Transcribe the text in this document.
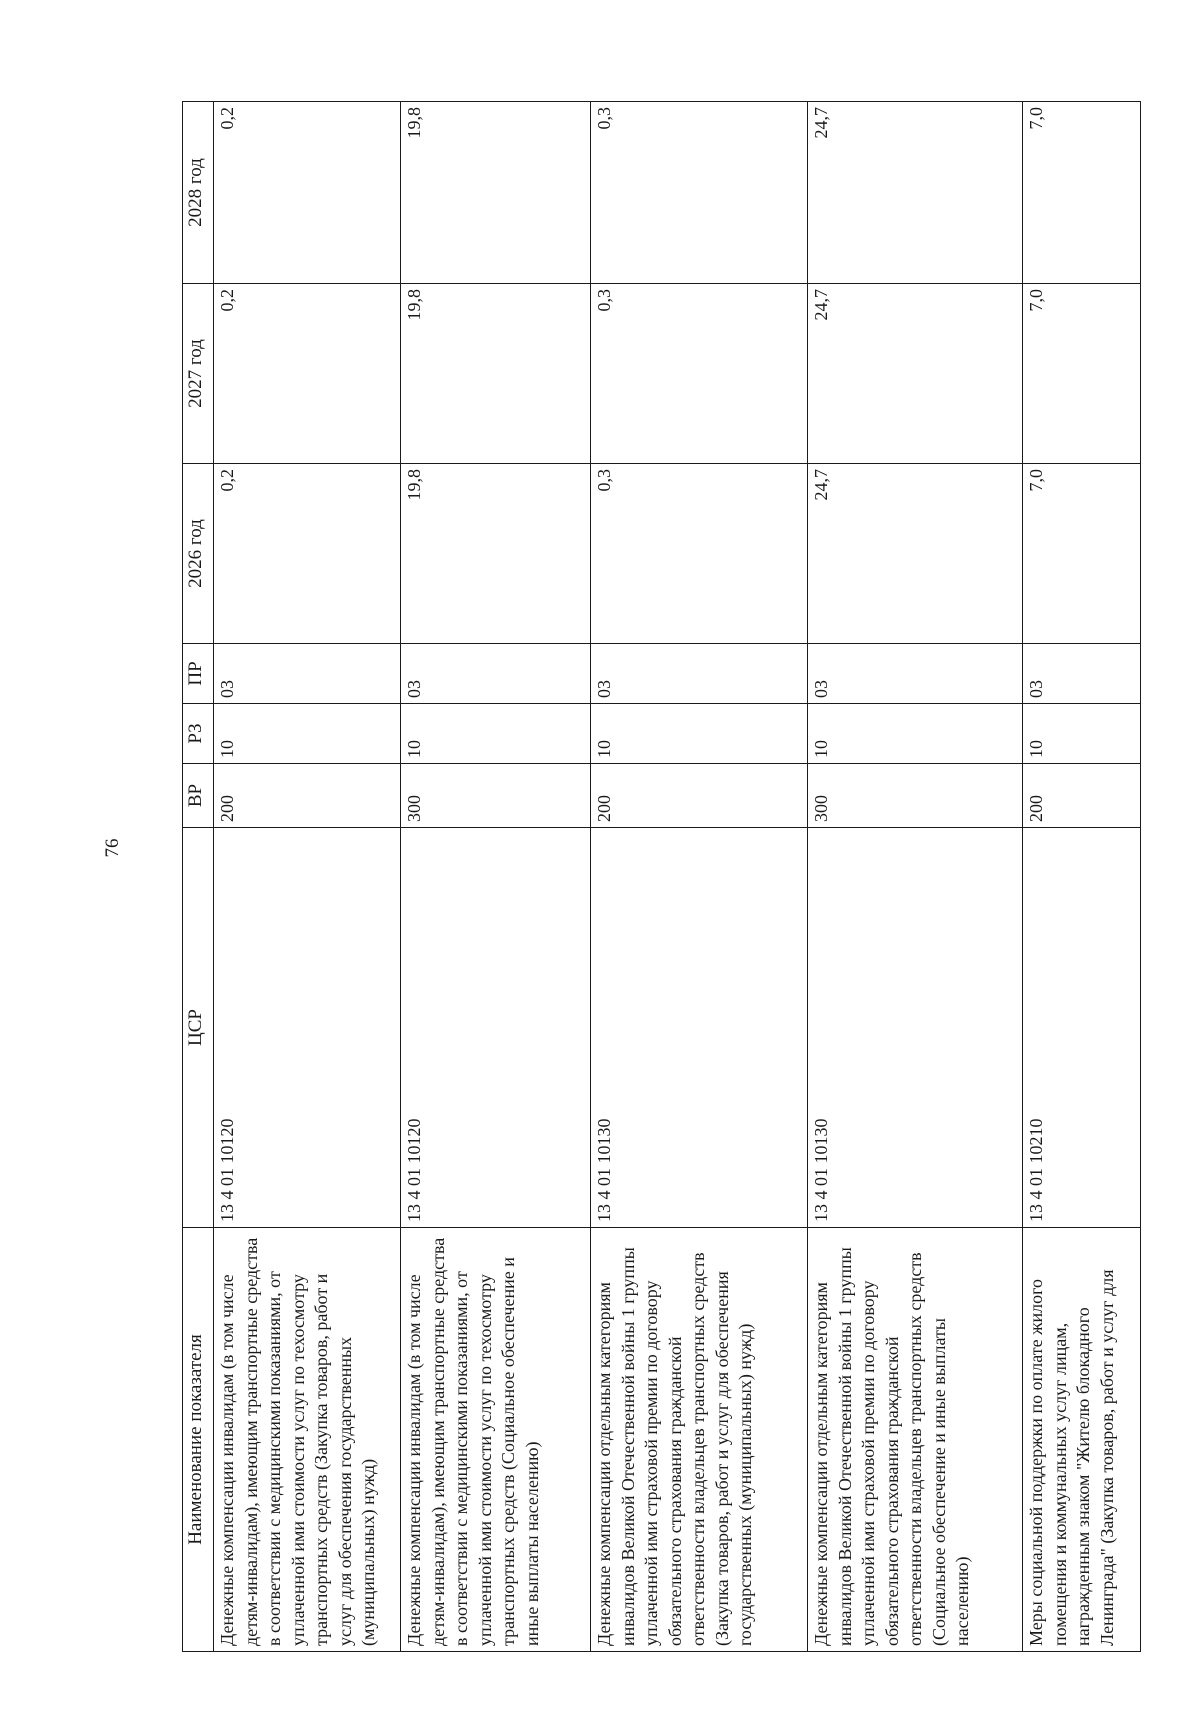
76
Наименование показателя	ЦСР	ВР	РЗ	ПР	2026 год	2027 год	2028 год
Денежные компенсации инвалидам (в том числе детям-инвалидам), имеющим транспортные средства в соответствии с медицинскими показаниями, от уплаченной ими стоимости услуг по техосмотру транспортных средств (Закупка товаров, работ и услуг для обеспечения государственных (муниципальных) нужд)	13 4 01 10120	200	10	03	0,2	0,2	0,2
Денежные компенсации инвалидам (в том числе детям-инвалидам), имеющим транспортные средства в соответствии с медицинскими показаниями, от уплаченной ими стоимости услуг по техосмотру транспортных средств (Социальное обеспечение и иные выплаты населению)	13 4 01 10120	300	10	03	19,8	19,8	19,8
Денежные компенсации отдельным категориям инвалидов Великой Отечественной войны 1 группы уплаченной ими страховой премии по договору обязательного страхования гражданской ответственности владельцев транспортных средств (Закупка товаров, работ и услуг для обеспечения государственных (муниципальных) нужд)	13 4 01 10130	200	10	03	0,3	0,3	0,3
Денежные компенсации отдельным категориям инвалидов Великой Отечественной войны 1 группы уплаченной ими страховой премии по договору обязательного страхования гражданской ответственности владельцев транспортных средств (Социальное обеспечение и иные выплаты населению)	13 4 01 10130	300	10	03	24,7	24,7	24,7
Меры социальной поддержки по оплате жилого помещения и коммунальных услуг лицам, награжденным знаком "Жителю блокадного Ленинграда" (Закупка товаров, работ и услуг для	13 4 01 10210	200	10	03	7,0	7,0	7,0
